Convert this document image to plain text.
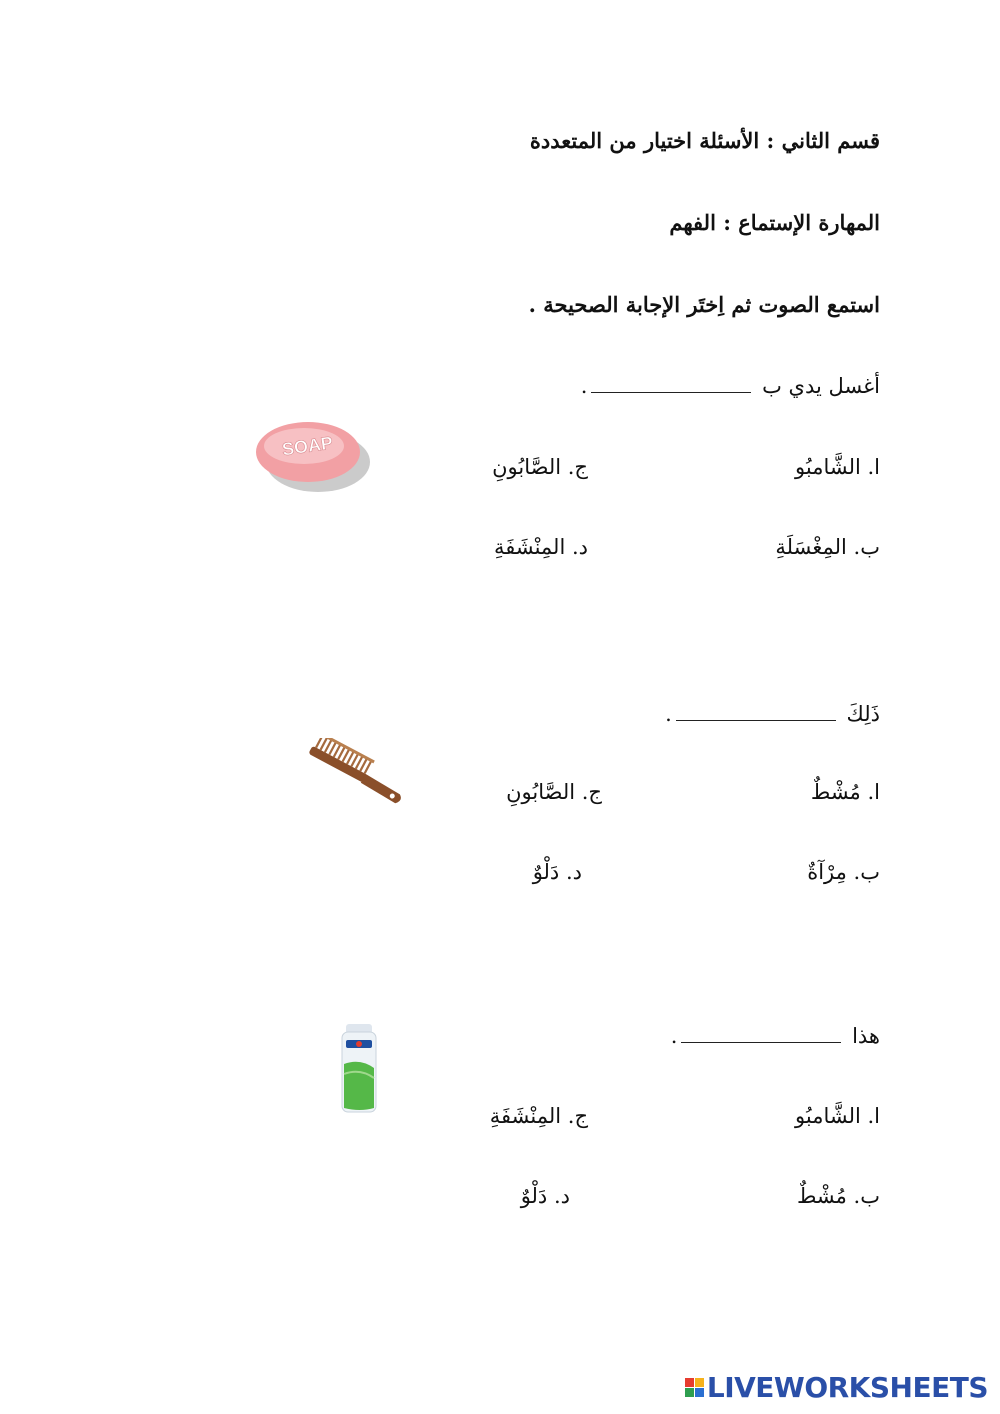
قسم الثاني : الأسئلة اختيار من المتعددة
المهارة الإستماع : الفهم
استمع الصوت ثم اِختَر الإجابة الصحيحة .
أغسل يدي ب .
ا. الشَّامبُو
ب. المِغْسَلَةِ
ج. الصَّابُونِ
د. المِنْشَفَةِ
SOAP
ذَلِكَ .
ا. مُشْطٌ
ب. مِرْآةٌ
ج. الصَّابُونِ
د. دَلْوٌ
هذا .
ا. الشَّامبُو
ب. مُشْطٌ
ج. المِنْشَفَةِ
د. دَلْوٌ
LIVEWORKSHEETS
